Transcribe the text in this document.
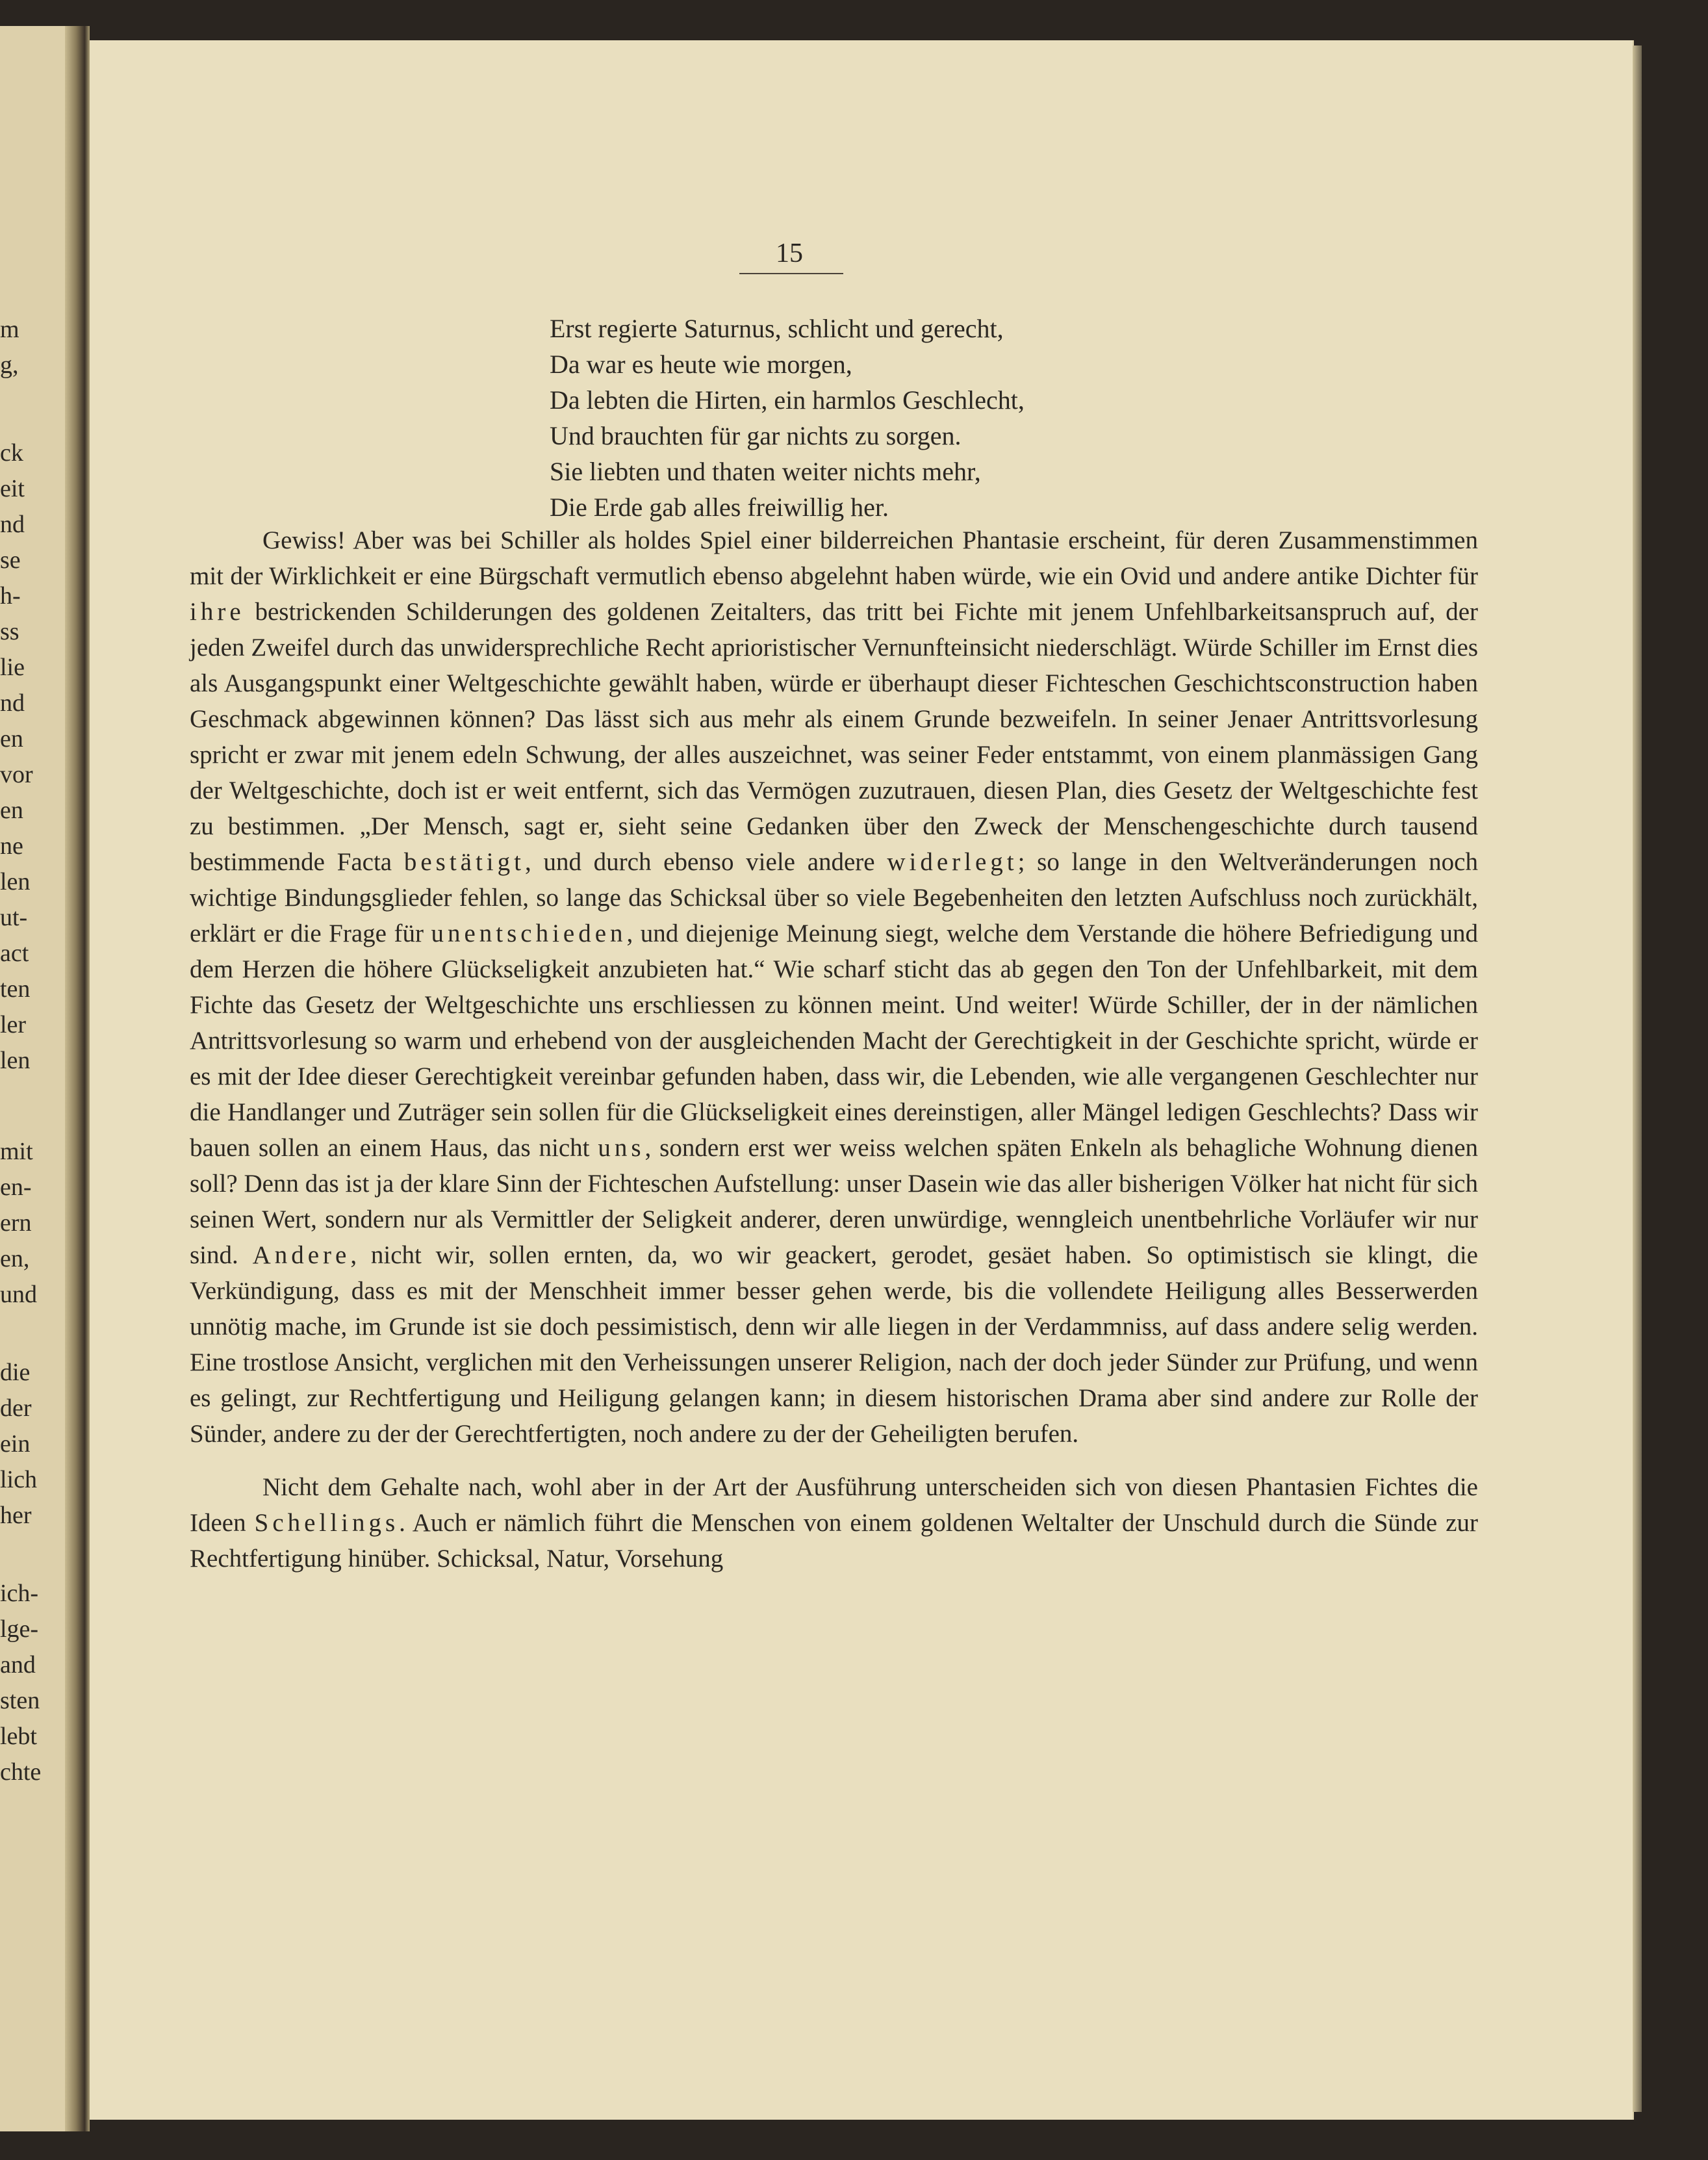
m
g,
ck
eit
nd
se
h-
ss
lie
nd
en
vor
en
ne
len
ut-
act
ten
ler
len
mit
en-
ern
en,
und
die
der
ein
lich
her
ich-
lge-
and
sten
lebt
chte
15
Erst regierte Saturnus, schlicht und gerecht,
Da war es heute wie morgen,
Da lebten die Hirten, ein harmlos Geschlecht,
Und brauchten für gar nichts zu sorgen.
Sie liebten und thaten weiter nichts mehr,
Die Erde gab alles freiwillig her.

Gewiss! Aber was bei Schiller als holdes Spiel einer bilderreichen Phantasie erscheint, für deren Zusammenstimmen mit der Wirklichkeit er eine Bürgschaft vermutlich ebenso abgelehnt haben würde, wie ein Ovid und andere antike Dichter für ihre bestrickenden Schilderungen des goldenen Zeitalters, das tritt bei Fichte mit jenem Unfehlbarkeitsanspruch auf, der jeden Zweifel durch das unwidersprechliche Recht aprioristischer Vernunfteinsicht niederschlägt. Würde Schiller im Ernst dies als Ausgangspunkt einer Weltgeschichte gewählt haben, würde er überhaupt dieser Fichteschen Geschichtsconstruction haben Geschmack abgewinnen können? Das lässt sich aus mehr als einem Grunde bezweifeln. In seiner Jenaer Antrittsvorlesung spricht er zwar mit jenem edeln Schwung, der alles auszeichnet, was seiner Feder entstammt, von einem planmässigen Gang der Weltgeschichte, doch ist er weit entfernt, sich das Vermögen zuzutrauen, diesen Plan, dies Gesetz der Weltgeschichte fest zu bestimmen. „Der Mensch, sagt er, sieht seine Gedanken über den Zweck der Menschengeschichte durch tausend bestimmende Facta bestätigt, und durch ebenso viele andere widerlegt; so lange in den Weltveränderungen noch wichtige Bindungsglieder fehlen, so lange das Schicksal über so viele Begebenheiten den letzten Aufschluss noch zurückhält, erklärt er die Frage für unentschieden, und diejenige Meinung siegt, welche dem Verstande die höhere Befriedigung und dem Herzen die höhere Glückseligkeit anzubieten hat.“ Wie scharf sticht das ab gegen den Ton der Unfehlbarkeit, mit dem Fichte das Gesetz der Weltgeschichte uns erschliessen zu können meint. Und weiter! Würde Schiller, der in der nämlichen Antrittsvorlesung so warm und erhebend von der ausgleichenden Macht der Gerechtigkeit in der Geschichte spricht, würde er es mit der Idee dieser Gerechtigkeit vereinbar gefunden haben, dass wir, die Lebenden, wie alle vergangenen Geschlechter nur die Handlanger und Zuträger sein sollen für die Glückseligkeit eines dereinstigen, aller Mängel ledigen Geschlechts? Dass wir bauen sollen an einem Haus, das nicht uns, sondern erst wer weiss welchen späten Enkeln als behagliche Wohnung dienen soll? Denn das ist ja der klare Sinn der Fichteschen Aufstellung: unser Dasein wie das aller bisherigen Völker hat nicht für sich seinen Wert, sondern nur als Vermittler der Seligkeit anderer, deren unwürdige, wenngleich unentbehrliche Vorläufer wir nur sind. Andere, nicht wir, sollen ernten, da, wo wir geackert, gerodet, gesäet haben. So optimistisch sie klingt, die Verkündigung, dass es mit der Menschheit immer besser gehen werde, bis die vollendete Heiligung alles Besserwerden unnötig mache, im Grunde ist sie doch pessimistisch, denn wir alle liegen in der Verdammniss, auf dass andere selig werden. Eine trostlose Ansicht, verglichen mit den Verheissungen unserer Religion, nach der doch jeder Sünder zur Prüfung, und wenn es gelingt, zur Rechtfertigung und Heiligung gelangen kann; in diesem historischen Drama aber sind andere zur Rolle der Sünder, andere zu der der Gerechtfertigten, noch andere zu der der Geheiligten berufen.

Nicht dem Gehalte nach, wohl aber in der Art der Ausführung unterscheiden sich von diesen Phantasien Fichtes die Ideen Schellings. Auch er nämlich führt die Menschen von einem goldenen Weltalter der Unschuld durch die Sünde zur Rechtfertigung hinüber. Schicksal, Natur, Vorsehung
